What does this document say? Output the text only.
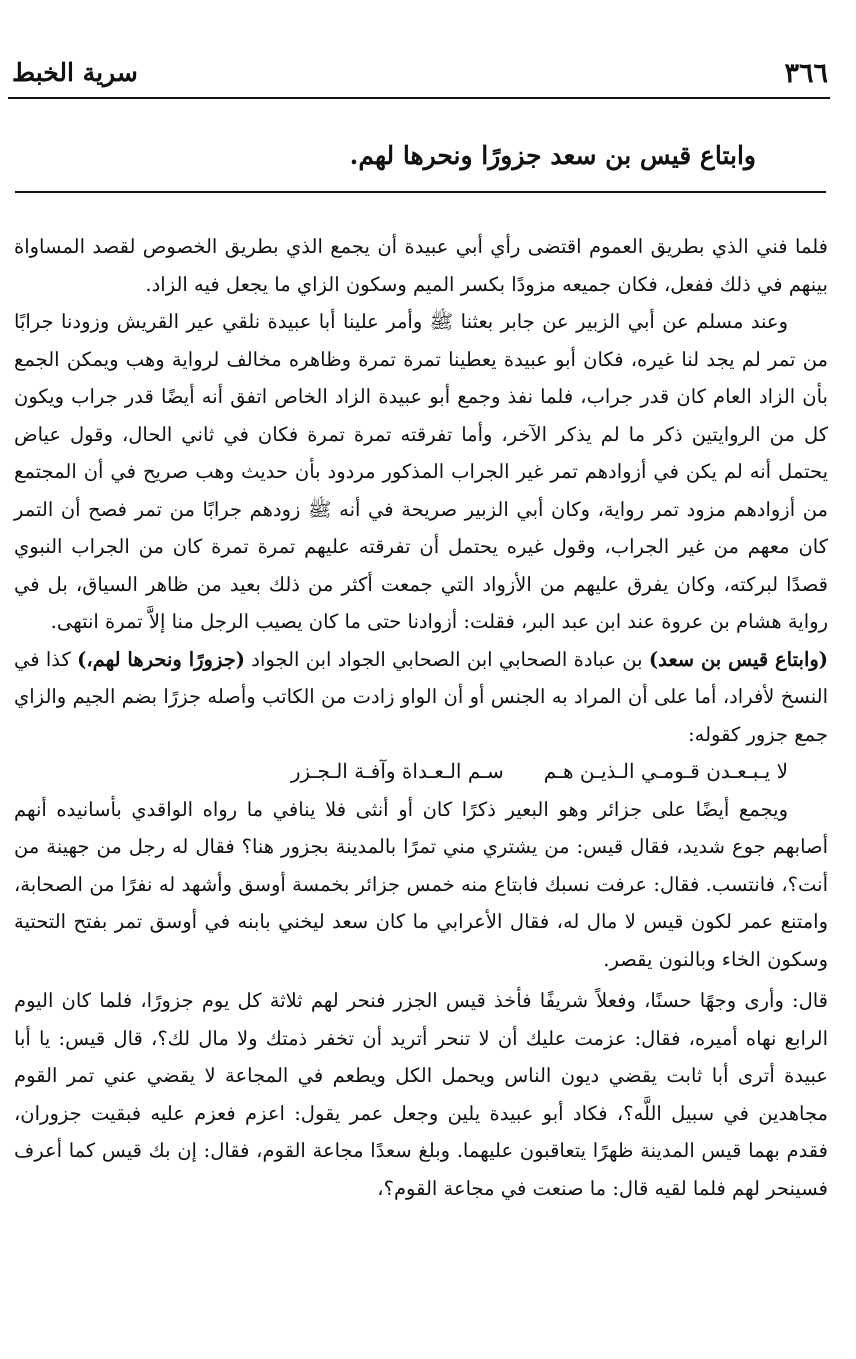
سرية الخبط	٣٦٦
وابتاع قيس بن سعد جزورًا ونحرها لهم.

فلما فني الذي بطريق العموم اقتضى رأي أبي عبيدة أن يجمع الذي بطريق الخصوص لقصد المساواة بينهم في ذلك ففعل، فكان جميعه مزودًا بكسر الميم وسكون الزاي ما يجعل فيه الزاد.

وعند مسلم عن أبي الزبير عن جابر بعثنا ﷺ وأمر علينا أبا عبيدة نلقي عير القريش وزودنا جرابًا من تمر لم يجد لنا غيره، فكان أبو عبيدة يعطينا تمرة تمرة وظاهره مخالف لرواية وهب ويمكن الجمع بأن الزاد العام كان قدر جراب، فلما نفذ وجمع أبو عبيدة الزاد الخاص اتفق أنه أيضًا قدر جراب ويكون كل من الروايتين ذكر ما لم يذكر الآخر، وأما تفرقته تمرة تمرة فكان في ثاني الحال، وقول عياض يحتمل أنه لم يكن في أزوادهم تمر غير الجراب المذكور مردود بأن حديث وهب صريح في أن المجتمع من أزوادهم مزود تمر رواية، وكان أبي الزبير صريحة في أنه ﷺ زودهم جرابًا من تمر فصح أن التمر كان معهم من غير الجراب، وقول غيره يحتمل أن تفرقته عليهم تمرة تمرة كان من الجراب النبوي قصدًا لبركته، وكان يفرق عليهم من الأزواد التي جمعت أكثر من ذلك بعيد من ظاهر السياق، بل في رواية هشام بن عروة عند ابن عبد البر، فقلت: أزوادنا حتى ما كان يصيب الرجل منا إلاَّ تمرة انتهى.

(وابتاع قيس بن سعد) بن عبادة الصحابي ابن الصحابي الجواد ابن الجواد (جزورًا ونحرها لهم،) كذا في النسخ لأفراد، أما على أن المراد به الجنس أو أن الواو زادت من الكاتب وأصله جزرًا بضم الجيم والزاي جمع جزور كقوله:

لا يـبـعـدن قـومـي الـذيـن هـم
سـم الـعـداة وآفـة الـجـزر

ويجمع أيضًا على جزائر وهو البعير ذكرًا كان أو أنثى فلا ينافي ما رواه الواقدي بأسانيده أنهم أصابهم جوع شديد، فقال قيس: من يشتري مني تمرًا بالمدينة بجزور هنا؟ فقال له رجل من جهينة من أنت؟، فانتسب. فقال: عرفت نسبك فابتاع منه خمس جزائر بخمسة أوسق وأشهد له نفرًا من الصحابة، وامتنع عمر لكون قيس لا مال له، فقال الأعرابي ما كان سعد ليخني بابنه في أوسق تمر بفتح التحتية وسكون الخاء وبالنون يقصر.

قال: وأرى وجهًا حسنًا، وفعلاً شريفًا فأخذ قيس الجزر فنحر لهم ثلاثة كل يوم جزورًا، فلما كان اليوم الرابع نهاه أميره، فقال: عزمت عليك أن لا تنحر أتريد أن تخفر ذمتك ولا مال لك؟، قال قيس: يا أبا عبيدة أترى أبا ثابت يقضي ديون الناس ويحمل الكل ويطعم في المجاعة لا يقضي عني تمر القوم مجاهدين في سبيل اللَّه؟، فكاد أبو عبيدة يلين وجعل عمر يقول: اعزم فعزم عليه فبقيت جزوران، فقدم بهما قيس المدينة ظهرًا يتعاقبون عليهما. وبلغ سعدًا مجاعة القوم، فقال: إن بك قيس كما أعرف فسينحر لهم فلما لقيه قال: ما صنعت في مجاعة القوم؟،
